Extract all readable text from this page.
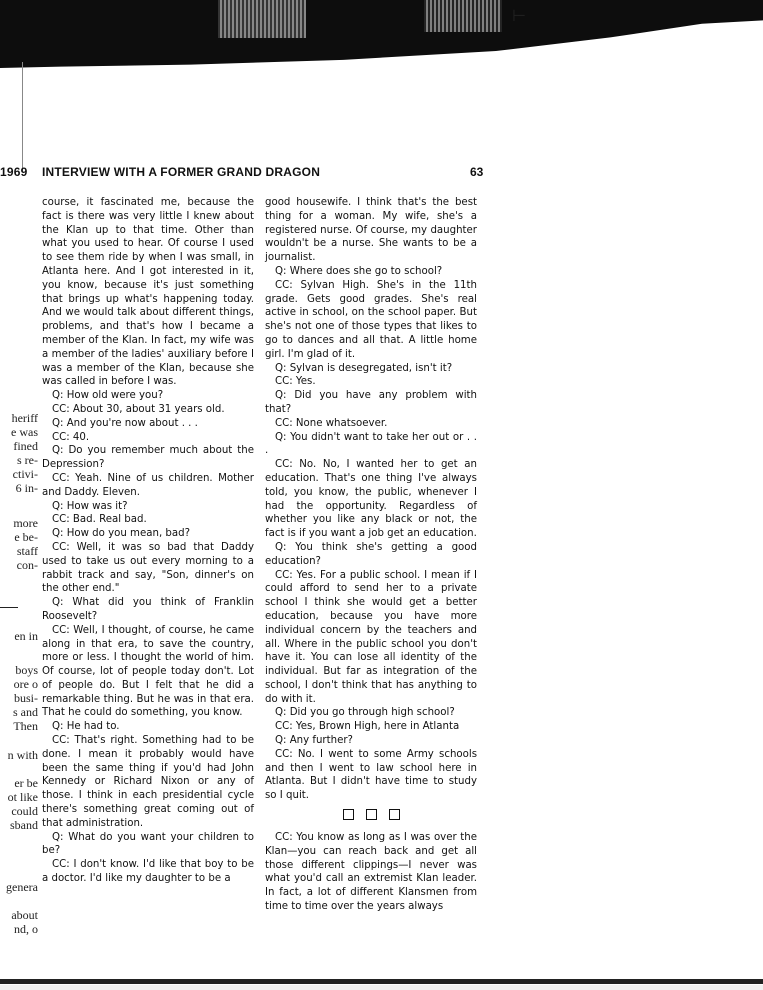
⊢
heriff
e was
fined
s re-
ctivi-
6 in-
more
e be-
staff
con-
en in
boys
ore o
busi-
s and
Then
n with
er be
ot like
could
sband
genera
about
nd, o
1969 INTERVIEW WITH A FORMER GRAND DRAGON	63

course, it fascinated me, because the fact is there was very little I knew about the Klan up to that time. Other than what you used to hear. Of course I used to see them ride by when I was small, in Atlanta here. And I got interested in it, you know, because it's just something that brings up what's happening today. And we would talk about different things, problems, and that's how I became a member of the Klan. In fact, my wife was a member of the ladies' auxiliary before I was a member of the Klan, because she was called in before I was.

Q: How old were you?

CC: About 30, about 31 years old.

Q: And you're now about . . .

CC: 40.

Q: Do you remember much about the Depression?

CC: Yeah. Nine of us children. Mother and Daddy. Eleven.

Q: How was it?

CC: Bad. Real bad.

Q: How do you mean, bad?

CC: Well, it was so bad that Daddy used to take us out every morning to a rabbit track and say, "Son, dinner's on the other end."

Q: What did you think of Franklin Roosevelt?

CC: Well, I thought, of course, he came along in that era, to save the country, more or less. I thought the world of him. Of course, lot of people today don't. Lot of people do. But I felt that he did a remarkable thing. But he was in that era. That he could do something, you know.

Q: He had to.

CC: That's right. Something had to be done. I mean it probably would have been the same thing if you'd had John Kennedy or Richard Nixon or any of those. I think in each presidential cycle there's something great coming out of that administration.

Q: What do you want your children to be?

CC: I don't know. I'd like that boy to be a doctor. I'd like my daughter to be a

good housewife. I think that's the best thing for a woman. My wife, she's a registered nurse. Of course, my daughter wouldn't be a nurse. She wants to be a journalist.

Q: Where does she go to school?

CC: Sylvan High. She's in the 11th grade. Gets good grades. She's real active in school, on the school paper. But she's not one of those types that likes to go to dances and all that. A little home girl. I'm glad of it.

Q: Sylvan is desegregated, isn't it?

CC: Yes.

Q: Did you have any problem with that?

CC: None whatsoever.

Q: You didn't want to take her out or . . .

CC: No. No, I wanted her to get an education. That's one thing I've always told, you know, the public, whenever I had the opportunity. Regardless of whether you like any black or not, the fact is if you want a job get an education.

Q: You think she's getting a good education?

CC: Yes. For a public school. I mean if I could afford to send her to a private school I think she would get a better education, because you have more individual concern by the teachers and all. Where in the public school you don't have it. You can lose all identity of the individual. But far as integration of the school, I don't think that has anything to do with it.

Q: Did you go through high school?

CC: Yes, Brown High, here in Atlanta

Q: Any further?

CC: No. I went to some Army schools and then I went to law school here in Atlanta. But I didn't have time to study so I quit.

CC: You know as long as I was over the Klan—you can reach back and get all those different clippings—I never was what you'd call an extremist Klan leader. In fact, a lot of different Klansmen from time to time over the years always
